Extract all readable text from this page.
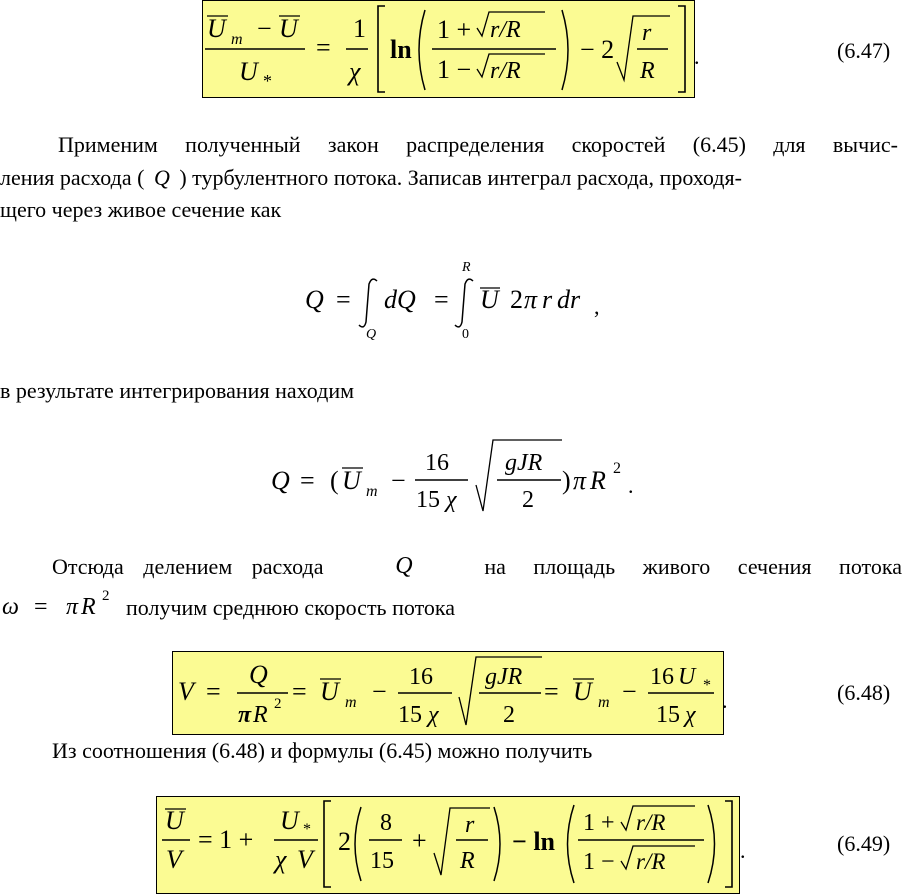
U m − U
U *
=
1
χ
ln
1 + r/R
1 − r/R
− 2
r
R
.	(6.47)
Применим полученный закон распределения скоростей (6.45) для вычис-
ления расхода ( Q ) турбулентного потока. Записав интеграл расхода, проходя-
щего через живое сечение как
Q =
Q
dQ =
R
0
U 2 π r dr ,
в результате интегрирования находим
Q = ( U m −
16
15 χ
gJR
2
) π R 2
.
Отсюда делением расхода	Q	на площадь живого сечения потока
ω = π R 2 получим среднюю скорость потока
V =
Q
π R 2 = U m − 16
15 χ
gJR
2
= U m − 16 U *
15 χ
.	(6.48)
Из соотношения (6.48) и формулы (6.45) можно получить
U
V
= 1 +
U *
χ V
2
8
15
+
r
R
− ln
1 + r/R
1 − r/R	.	(6.49)
